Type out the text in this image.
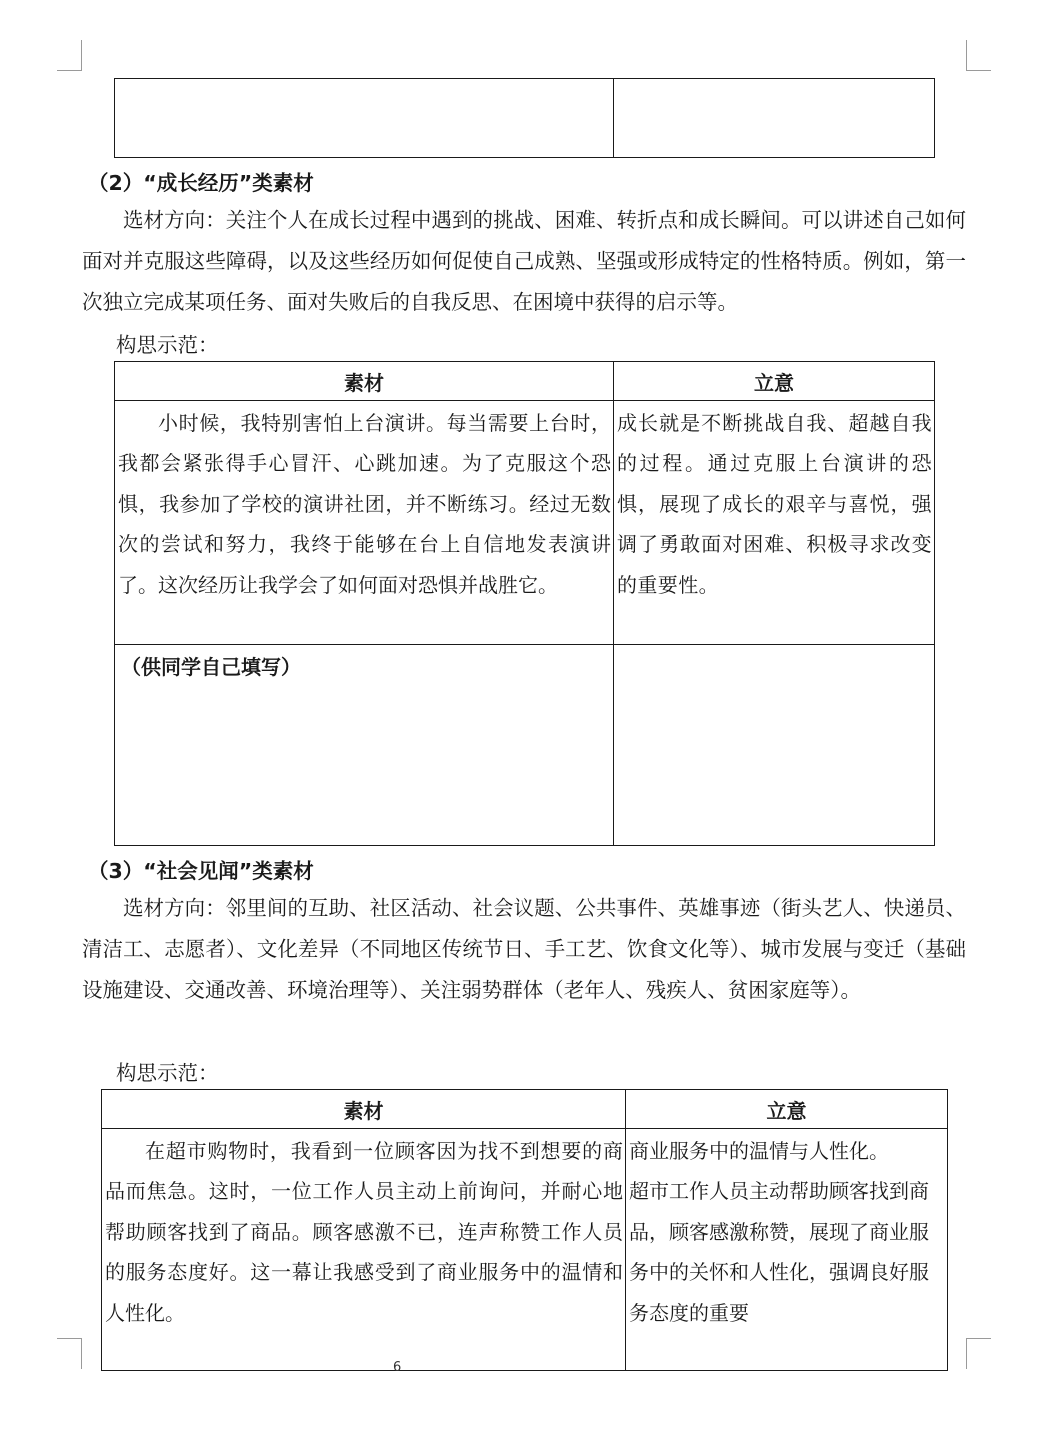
（2）“成长经历”类素材
选材方向：关注个人在成长过程中遇到的挑战、困难、转折点和成长瞬间。可以讲述自己如何面对并克服这些障碍，以及这些经历如何促使自己成熟、坚强或形成特定的性格特质。例如，第一次独立完成某项任务、面对失败后的自我反思、在困境中获得的启示等。
构思示范：
素材	立意

小时候，我特别害怕上台演讲。每当需要上台时，我都会紧张得手心冒汗、心跳加速。为了克服这个恐惧，我参加了学校的演讲社团，并不断练习。经过无数次的尝试和努力，我终于能够在台上自信地发表演讲了。这次经历让我学会了如何面对恐惧并战胜它。	成长就是不断挑战自我、超越自我的过程。通过克服上台演讲的恐惧，展现了成长的艰辛与喜悦，强调了勇敢面对困难、积极寻求改变的重要性。

（供同学自己填写）	

（3）“社会见闻”类素材
选材方向：邻里间的互助、社区活动、社会议题、公共事件、英雄事迹（街头艺人、快递员、清洁工、志愿者）、文化差异（不同地区传统节日、手工艺、饮食文化等）、城市发展与变迁（基础设施建设、交通改善、环境治理等）、关注弱势群体（老年人、残疾人、贫困家庭等）。
构思示范：
素材	立意

在超市购物时，我看到一位顾客因为找不到想要的商品而焦急。这时，一位工作人员主动上前询问，并耐心地帮助顾客找到了商品。顾客感激不已，连声称赞工作人员的服务态度好。这一幕让我感受到了商业服务中的温情和人性化。	商业服务中的温情与人性化。
超市工作人员主动帮助顾客找到商品，顾客感激称赞，展现了商业服务中的关怀和人性化，强调良好服务态度的重要
6
